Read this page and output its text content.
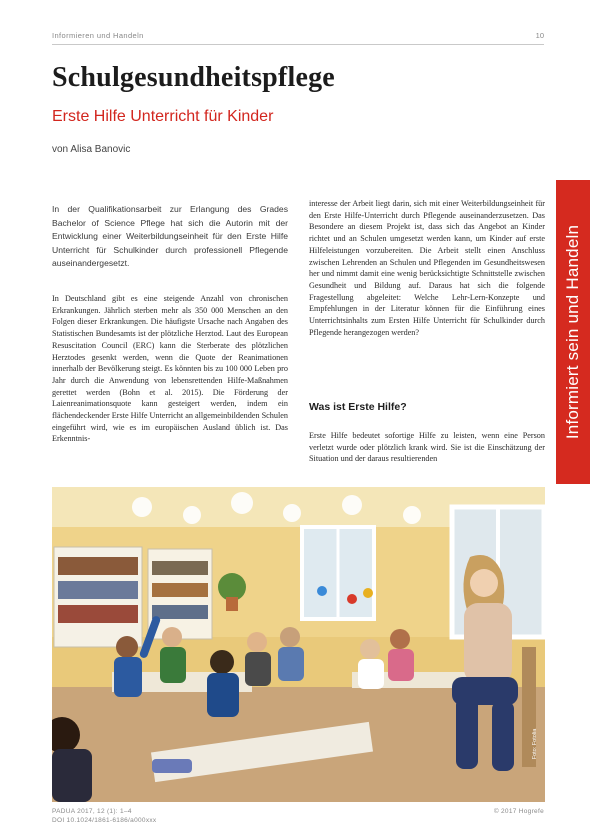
Informieren und Handeln	10
Schulgesundheitspflege
Erste Hilfe Unterricht für Kinder
von Alisa Banovic
In der Qualifikationsarbeit zur Erlangung des Grades Bachelor of Science Pflege hat sich die Autorin mit der Entwicklung einer Weiterbildungseinheit für den Erste Hilfe Unterricht für Schulkinder durch professionell Pflegende auseinandergesetzt.
In Deutschland gibt es eine steigende Anzahl von chronischen Erkrankungen. Jährlich sterben mehr als 350 000 Menschen an den Folgen dieser Erkrankungen. Die häufigste Ursache nach Angaben des Statistischen Bundesamts ist der plötzliche Herztod. Laut des European Resuscitation Council (ERC) kann die Sterberate des plötzlichen Herztodes gesenkt werden, wenn die Quote der Reanimationen innerhalb der Bevölkerung steigt. Es könnten bis zu 100 000 Leben pro Jahr durch die Anwendung von lebensrettenden Hilfe-Maßnahmen gerettet werden (Bohn et al. 2015). Die Förderung der Laienreanimationsquote kann gesteigert werden, indem ein flächendeckender Erste Hilfe Unterricht an allgemeinbildenden Schulen eingeführt wird, wie es im europäischen Ausland üblich ist. Das Erkenntnis-
interesse der Arbeit liegt darin, sich mit einer Weiterbildungseinheit für den Erste Hilfe-Unterricht durch Pflegende auseinanderzusetzen. Das Besondere an diesem Projekt ist, dass sich das Angebot an Kinder richtet und an Schulen umgesetzt werden kann, um Kinder auf erste Hilfeleistungen vorzubereiten. Die Arbeit stellt einen Anschluss zwischen Lehrenden an Schulen und Pflegenden im Gesundheitswesen her und nimmt damit eine wenig berücksichtigte Schnittstelle zwischen Gesundheit und Bildung auf. Daraus hat sich die folgende Fragestellung abgeleitet: Welche Lehr-Lern-Konzepte und Empfehlungen in der Literatur können für die Einführung eines Unterrichtsinhalts zum Ersten Hilfe Unterricht für Schulkinder durch Pflegende herangezogen werden?
Was ist Erste Hilfe?
Erste Hilfe bedeutet sofortige Hilfe zu leisten, wenn eine Person verletzt wurde oder plötzlich krank wird. Sie ist die Einschätzung der Situation und der daraus resultierenden
Informiert sein und Handeln
Foto: Fotolia
PADUA 2017, 12 (1): 1–4
DOI 10.1024/1861-6186/a000xxx
© 2017 Hogrefe
